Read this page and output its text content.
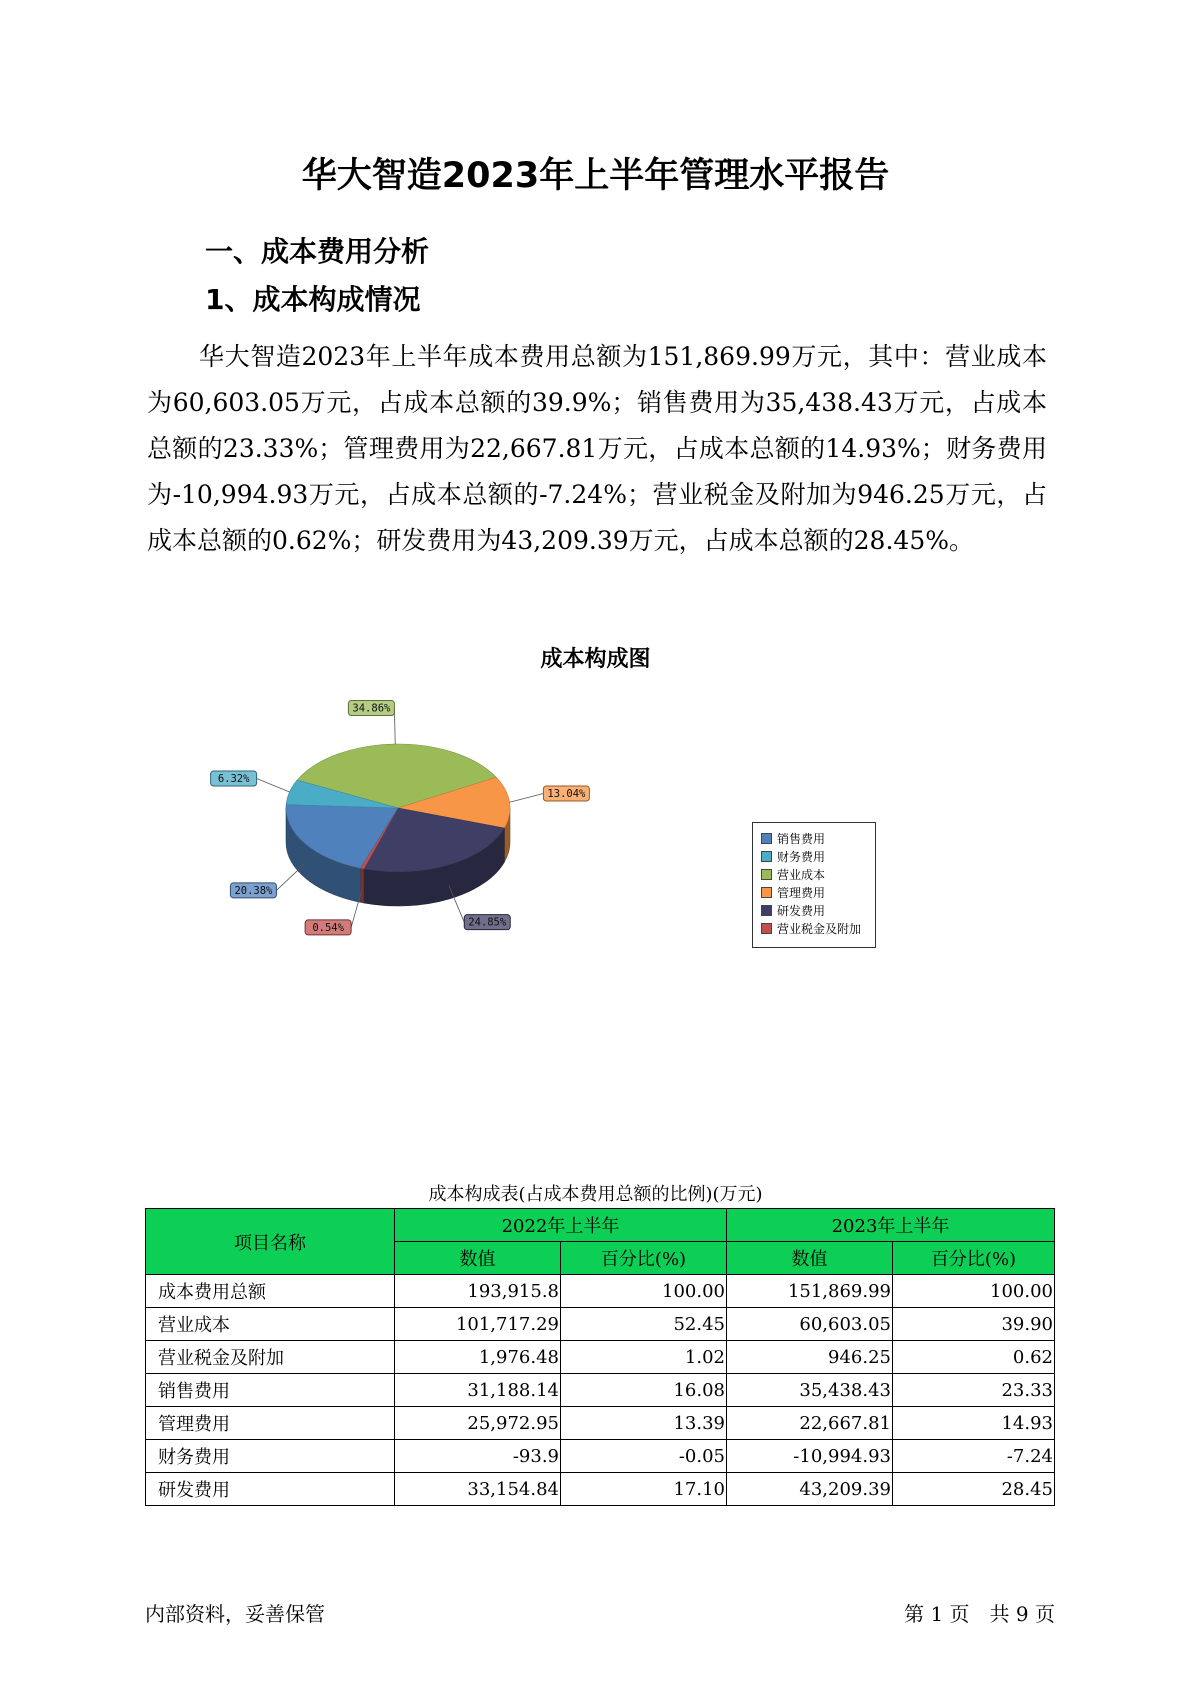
华大智造2023年上半年管理水平报告
一、成本费用分析
1、成本构成情况

华大智造2023年上半年成本费用总额为151,869.99万元，其中：营业成本为60,603.05万元，占成本总额的39.9%；销售费用为35,438.43万元，占成本总额的23.33%；管理费用为22,667.81万元，占成本总额的14.93%；财务费用为-10,994.93万元，占成本总额的-7.24%；营业税金及附加为946.25万元，占成本总额的0.62%；研发费用为43,209.39万元，占成本总额的28.45%。

成本构成图
34.86%
13.04%
24.85%
0.54%
20.38%
6.32%
销售费用
财务费用
营业成本
管理费用
研发费用
营业税金及附加
成本构成表(占成本费用总额的比例)(万元)
项目名称	2022年上半年		2023年上半年	
	数值	百分比(%)	数值	百分比(%)
成本费用总额	193,915.8	100.00	151,869.99	100.00
营业成本	101,717.29	52.45	60,603.05	39.90
营业税金及附加	1,976.48	1.02	946.25	0.62
销售费用	31,188.14	16.08	35,438.43	23.33
管理费用	25,972.95	13.39	22,667.81	14.93
财务费用	-93.9	-0.05	-10,994.93	-7.24
研发费用	33,154.84	17.10	43,209.39	28.45
内部资料，妥善保管	第 1 页　共 9 页
